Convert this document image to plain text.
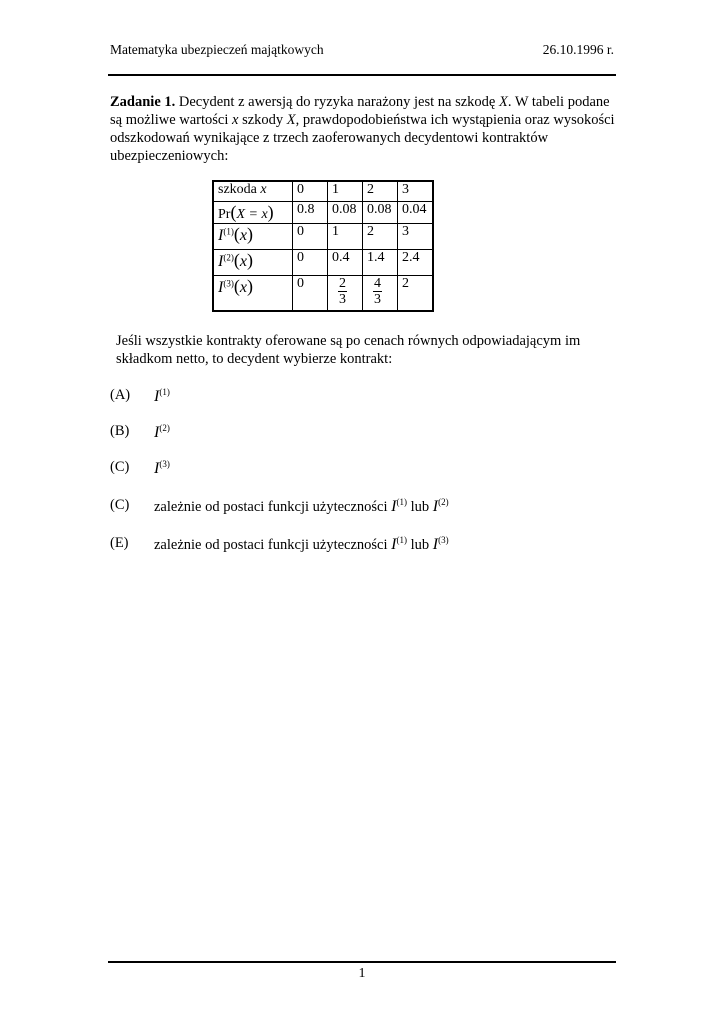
Matematyka ubezpieczeń majątkowych	26.10.1996 r.
Zadanie 1. Decydent z awersją do ryzyka narażony jest na szkodę X. W tabeli podane są możliwe wartości x szkody X, prawdopodobieństwa ich wystąpienia oraz wysokości odszkodowań wynikające z trzech zaoferowanych decydentowi kontraktów ubezpieczeniowych:
szkoda x	0	1	2	3
Pr(X = x)	0.8	0.08	0.08	0.04
$I^{(1)}(x)$	0	1	2	3
$I^{(2)}(x)$	0	0.4	1.4	2.4
$I^{(3)}(x)$	0	$\frac{2}{3}$	$\frac{4}{3}$	2
Jeśli wszystkie kontrakty oferowane są po cenach równych odpowiadającym im składkom netto, to decydent wybierze kontrakt:
(A) $I^{(1)}$
(B) $I^{(2)}$
(C) $I^{(3)}$
(C) zależnie od postaci funkcji użyteczności $I^{(1)}$ lub $I^{(2)}$
(E) zależnie od postaci funkcji użyteczności $I^{(1)}$ lub $I^{(3)}$
1
